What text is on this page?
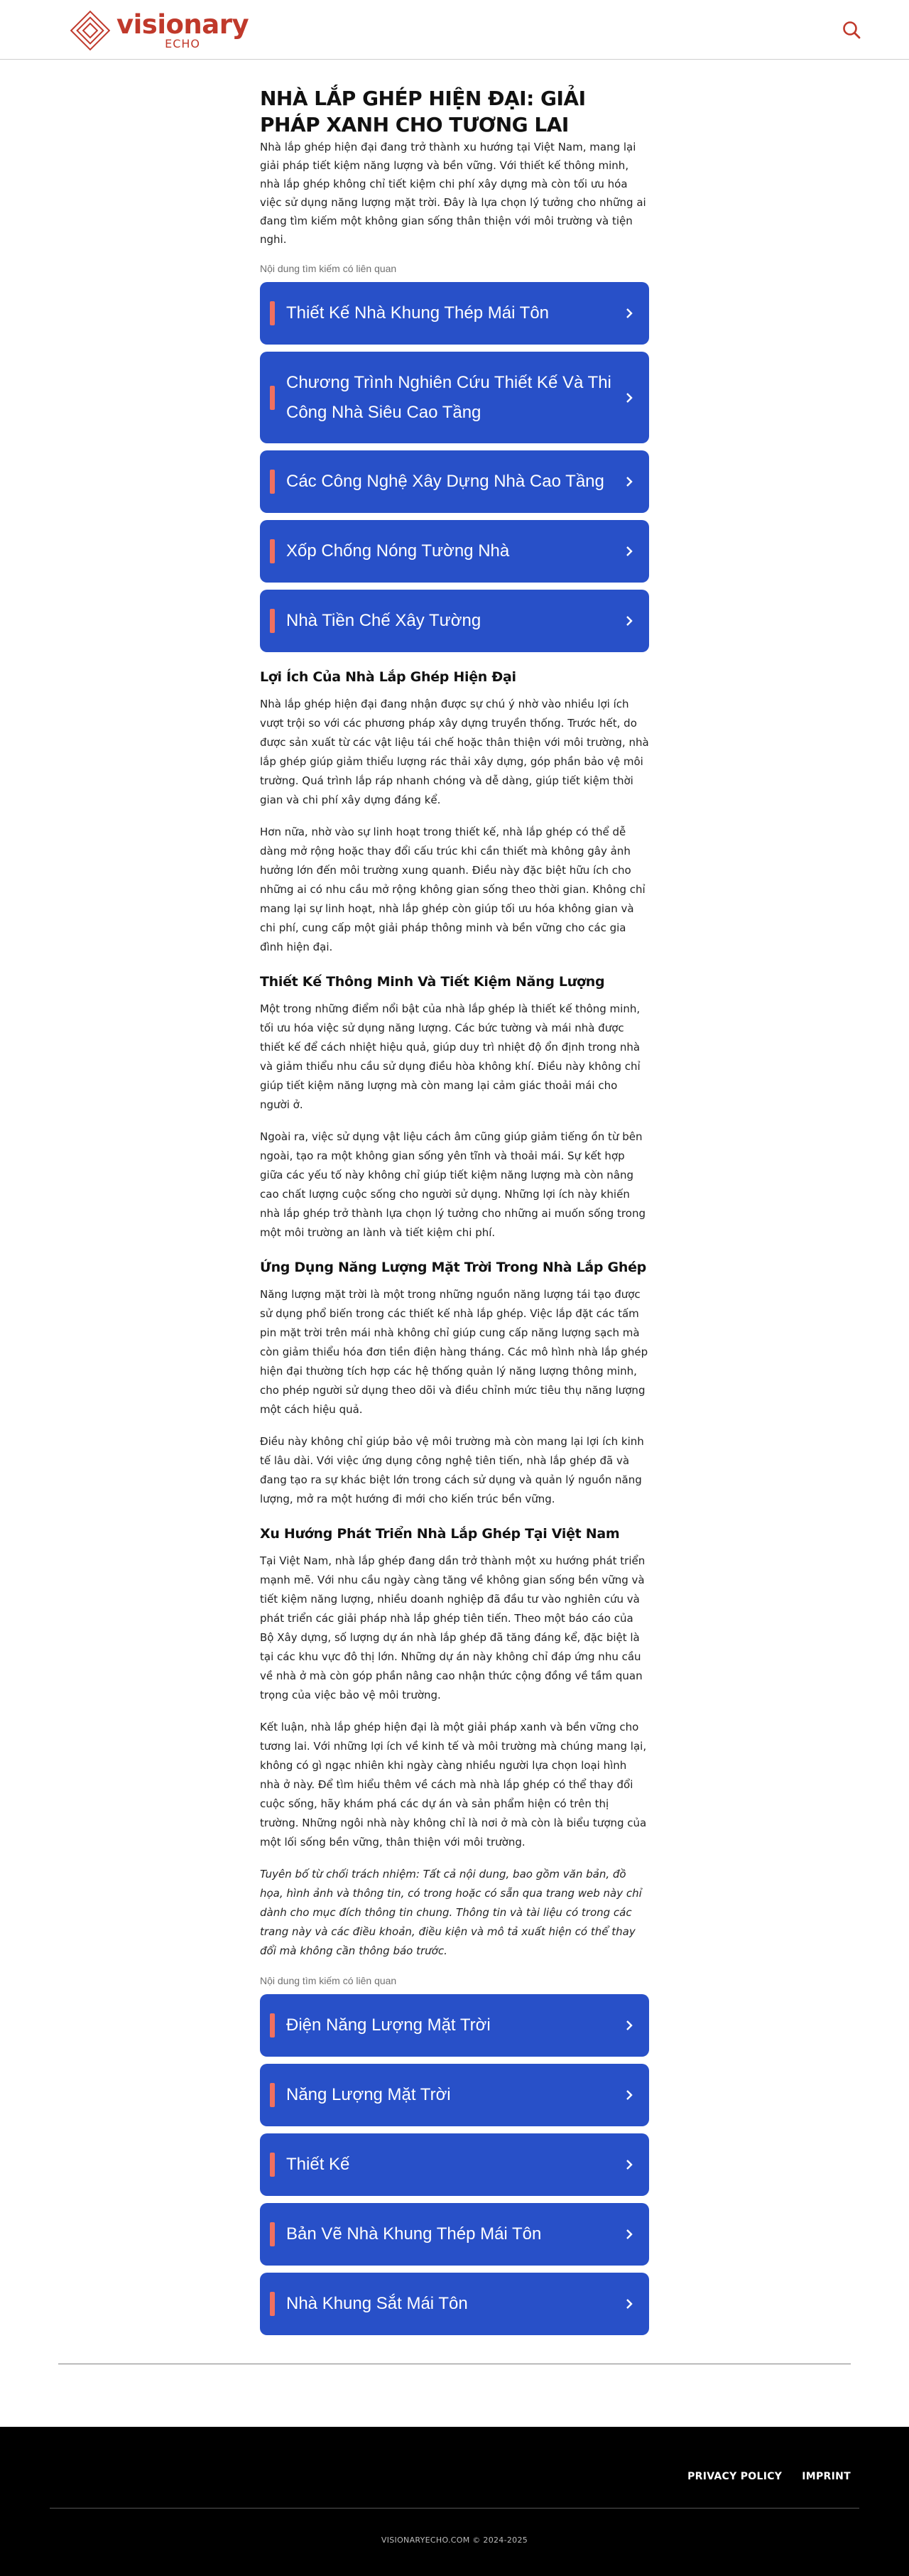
visionary
ECHO
NHÀ LẮP GHÉP HIỆN ĐẠI: GIẢI PHÁP XANH CHO TƯƠNG LAI

Nhà lắp ghép hiện đại đang trở thành xu hướng tại Việt Nam, mang lại giải pháp tiết kiệm năng lượng và bền vững. Với thiết kế thông minh, nhà lắp ghép không chỉ tiết kiệm chi phí xây dựng mà còn tối ưu hóa việc sử dụng năng lượng mặt trời. Đây là lựa chọn lý tưởng cho những ai đang tìm kiếm một không gian sống thân thiện với môi trường và tiện nghi.

Nội dung tìm kiếm có liên quan
Thiết Kế Nhà Khung Thép Mái Tôn
Chương Trình Nghiên Cứu Thiết Kế Và Thi Công Nhà Siêu Cao Tầng
Các Công Nghệ Xây Dựng Nhà Cao Tầng
Xốp Chống Nóng Tường Nhà
Nhà Tiền Chế Xây Tường
Lợi Ích Của Nhà Lắp Ghép Hiện Đại

Nhà lắp ghép hiện đại đang nhận được sự chú ý nhờ vào nhiều lợi ích vượt trội so với các phương pháp xây dựng truyền thống. Trước hết, do được sản xuất từ các vật liệu tái chế hoặc thân thiện với môi trường, nhà lắp ghép giúp giảm thiểu lượng rác thải xây dựng, góp phần bảo vệ môi trường. Quá trình lắp ráp nhanh chóng và dễ dàng, giúp tiết kiệm thời gian và chi phí xây dựng đáng kể.

Hơn nữa, nhờ vào sự linh hoạt trong thiết kế, nhà lắp ghép có thể dễ dàng mở rộng hoặc thay đổi cấu trúc khi cần thiết mà không gây ảnh hưởng lớn đến môi trường xung quanh. Điều này đặc biệt hữu ích cho những ai có nhu cầu mở rộng không gian sống theo thời gian. Không chỉ mang lại sự linh hoạt, nhà lắp ghép còn giúp tối ưu hóa không gian và chi phí, cung cấp một giải pháp thông minh và bền vững cho các gia đình hiện đại.

Thiết Kế Thông Minh Và Tiết Kiệm Năng Lượng

Một trong những điểm nổi bật của nhà lắp ghép là thiết kế thông minh, tối ưu hóa việc sử dụng năng lượng. Các bức tường và mái nhà được thiết kế để cách nhiệt hiệu quả, giúp duy trì nhiệt độ ổn định trong nhà và giảm thiểu nhu cầu sử dụng điều hòa không khí. Điều này không chỉ giúp tiết kiệm năng lượng mà còn mang lại cảm giác thoải mái cho người ở.

Ngoài ra, việc sử dụng vật liệu cách âm cũng giúp giảm tiếng ồn từ bên ngoài, tạo ra một không gian sống yên tĩnh và thoải mái. Sự kết hợp giữa các yếu tố này không chỉ giúp tiết kiệm năng lượng mà còn nâng cao chất lượng cuộc sống cho người sử dụng. Những lợi ích này khiến nhà lắp ghép trở thành lựa chọn lý tưởng cho những ai muốn sống trong một môi trường an lành và tiết kiệm chi phí.

Ứng Dụng Năng Lượng Mặt Trời Trong Nhà Lắp Ghép

Năng lượng mặt trời là một trong những nguồn năng lượng tái tạo được sử dụng phổ biến trong các thiết kế nhà lắp ghép. Việc lắp đặt các tấm pin mặt trời trên mái nhà không chỉ giúp cung cấp năng lượng sạch mà còn giảm thiểu hóa đơn tiền điện hàng tháng. Các mô hình nhà lắp ghép hiện đại thường tích hợp các hệ thống quản lý năng lượng thông minh, cho phép người sử dụng theo dõi và điều chỉnh mức tiêu thụ năng lượng một cách hiệu quả.

Điều này không chỉ giúp bảo vệ môi trường mà còn mang lại lợi ích kinh tế lâu dài. Với việc ứng dụng công nghệ tiên tiến, nhà lắp ghép đã và đang tạo ra sự khác biệt lớn trong cách sử dụng và quản lý nguồn năng lượng, mở ra một hướng đi mới cho kiến trúc bền vững.

Xu Hướng Phát Triển Nhà Lắp Ghép Tại Việt Nam

Tại Việt Nam, nhà lắp ghép đang dần trở thành một xu hướng phát triển mạnh mẽ. Với nhu cầu ngày càng tăng về không gian sống bền vững và tiết kiệm năng lượng, nhiều doanh nghiệp đã đầu tư vào nghiên cứu và phát triển các giải pháp nhà lắp ghép tiên tiến. Theo một báo cáo của Bộ Xây dựng, số lượng dự án nhà lắp ghép đã tăng đáng kể, đặc biệt là tại các khu vực đô thị lớn. Những dự án này không chỉ đáp ứng nhu cầu về nhà ở mà còn góp phần nâng cao nhận thức cộng đồng về tầm quan trọng của việc bảo vệ môi trường.

Kết luận, nhà lắp ghép hiện đại là một giải pháp xanh và bền vững cho tương lai. Với những lợi ích về kinh tế và môi trường mà chúng mang lại, không có gì ngạc nhiên khi ngày càng nhiều người lựa chọn loại hình nhà ở này. Để tìm hiểu thêm về cách mà nhà lắp ghép có thể thay đổi cuộc sống, hãy khám phá các dự án và sản phẩm hiện có trên thị trường. Những ngôi nhà này không chỉ là nơi ở mà còn là biểu tượng của một lối sống bền vững, thân thiện với môi trường.

Tuyên bố từ chối trách nhiệm: Tất cả nội dung, bao gồm văn bản, đồ họa, hình ảnh và thông tin, có trong hoặc có sẵn qua trang web này chỉ dành cho mục đích thông tin chung. Thông tin và tài liệu có trong các trang này và các điều khoản, điều kiện và mô tả xuất hiện có thể thay đổi mà không cần thông báo trước.

Nội dung tìm kiếm có liên quan
Điện Năng Lượng Mặt Trời
Năng Lượng Mặt Trời
Thiết Kế
Bản Vẽ Nhà Khung Thép Mái Tôn
Nhà Khung Sắt Mái Tôn
PRIVACY POLICY IMPRINT
VISIONARYECHO.COM © 2024-2025
